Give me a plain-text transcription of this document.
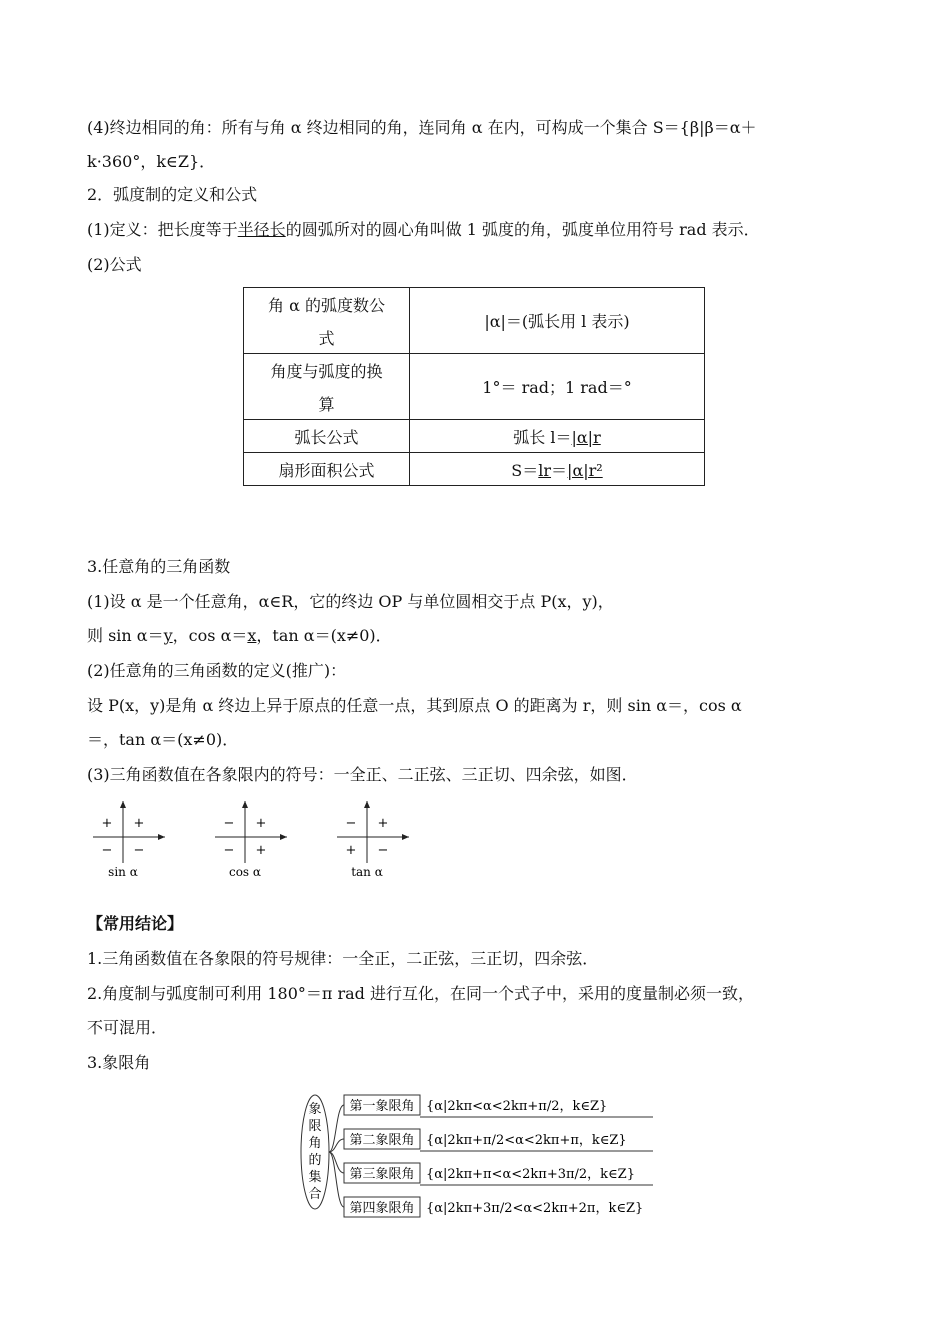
(4)终边相同的角：所有与角 α 终边相同的角，连同角 α 在内，可构成一个集合 S＝{β|β＝α＋
k·360°，k∈Z}．
2．弧度制的定义和公式
(1)定义：把长度等于半径长的圆弧所对的圆心角叫做 1 弧度的角，弧度单位用符号 rad 表示．
(2)公式
角 α 的弧度数公
式	|α|＝(弧长用 l 表示)

角度与弧度的换
算	1°＝ rad；1 rad＝°
弧长公式	弧长 l＝|α|r
扇形面积公式	S＝lr＝|α|r²
3.任意角的三角函数
(1)设 α 是一个任意角，α∈R，它的终边 OP 与单位圆相交于点 P(x，y)，
则 sin α＝y，cos α＝x，tan α＝(x≠0)．
(2)任意角的三角函数的定义(推广)：
设 P(x，y)是角 α 终边上异于原点的任意一点，其到原点 O 的距离为 r，则 sin α＝，cos α
＝，tan α＝(x≠0)．
(3)三角函数值在各象限内的符号：一全正、二正弦、三正切、四余弦，如图．
+ +
− −
sin α
− +
− +
cos α
− +
+ −
tan α
【常用结论】
1.三角函数值在各象限的符号规律：一全正，二正弦，三正切，四余弦．
2.角度制与弧度制可利用 180°＝π rad 进行互化，在同一个式子中，采用的度量制必须一致，
不可混用．
3.象限角
象
限
角
的
集
合
第一象限角 {α|2kπ<α<2kπ+π/2，k∈Z}
第二象限角 {α|2kπ+π/2<α<2kπ+π，k∈Z}
第三象限角 {α|2kπ+π<α<2kπ+3π/2，k∈Z}
第四象限角 {α|2kπ+3π/2<α<2kπ+2π，k∈Z}
